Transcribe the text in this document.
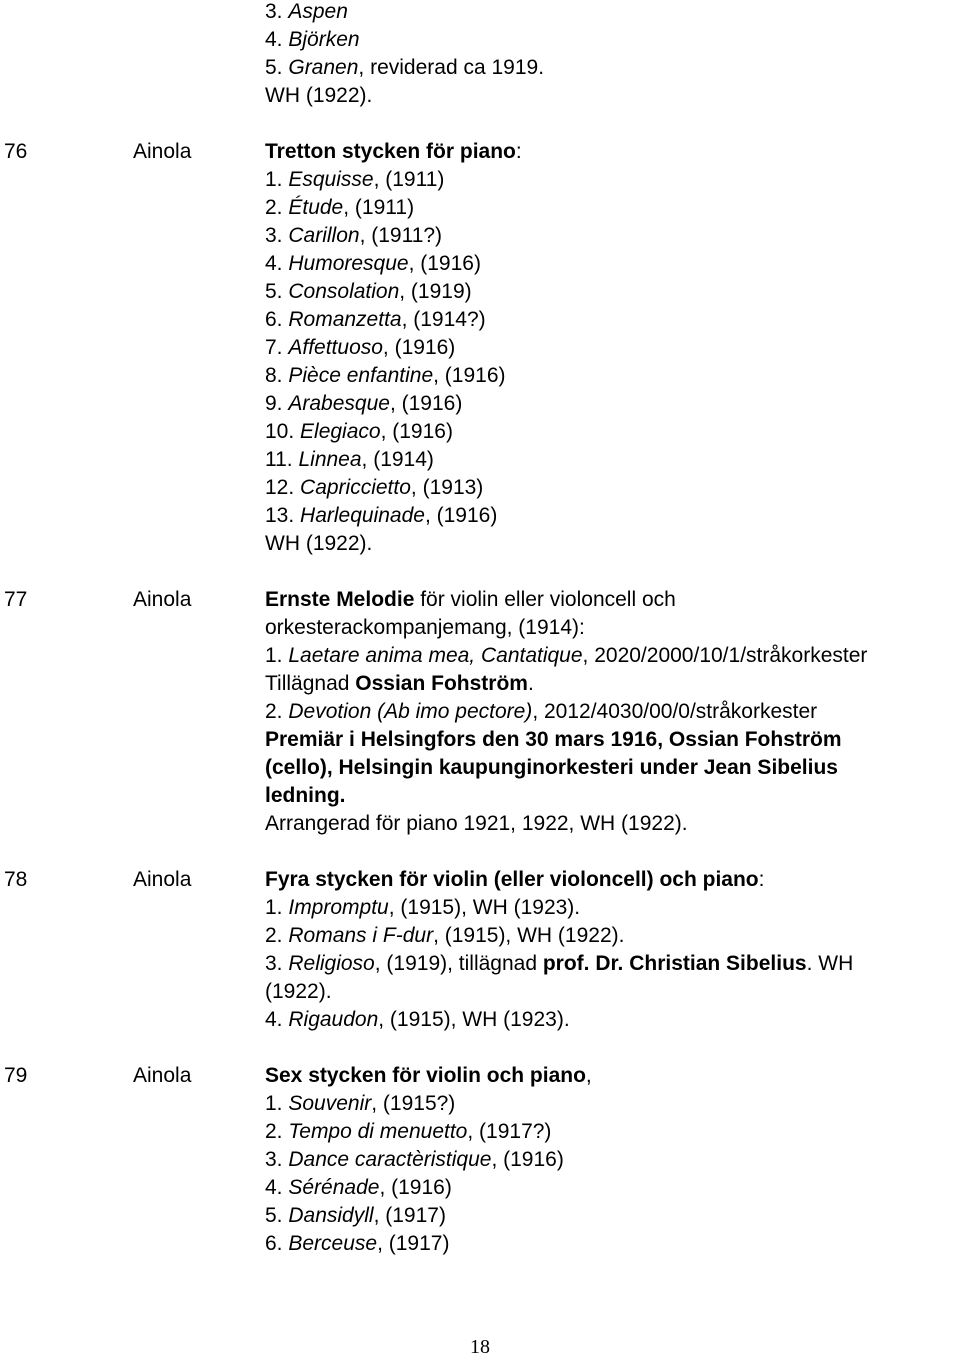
3. Aspen
4. Björken
5. Granen, reviderad ca 1919.
WH (1922).
76	Ainola	Tretton stycken för piano:
1. Esquisse, (1911)
2. Étude, (1911)
3. Carillon, (1911?)
4. Humoresque, (1916)
5. Consolation, (1919)
6. Romanzetta, (1914?)
7. Affettuoso, (1916)
8. Pièce enfantine, (1916)
9. Arabesque, (1916)
10. Elegiaco, (1916)
11. Linnea, (1914)
12. Capriccietto, (1913)
13. Harlequinade, (1916)
WH (1922).
77	Ainola	Ernste Melodie för violin eller violoncell och
orkesterackompanjemang, (1914):
1. Laetare anima mea, Cantatique, 2020/2000/10/1/stråkorkester
Tillägnad Ossian Fohström.
2. Devotion (Ab imo pectore), 2012/4030/00/0/stråkorkester
Premiär i Helsingfors den 30 mars 1916, Ossian Fohström
(cello), Helsingin kaupunginorkesteri under Jean Sibelius
ledning.
Arrangerad för piano 1921, 1922, WH (1922).
78	Ainola	Fyra stycken för violin (eller violoncell) och piano:
1. Impromptu, (1915), WH (1923).
2. Romans i F-dur, (1915), WH (1922).
3. Religioso, (1919), tillägnad prof. Dr. Christian Sibelius. WH
(1922).
4. Rigaudon, (1915), WH (1923).
79	Ainola	Sex stycken för violin och piano,
1. Souvenir, (1915?)
2. Tempo di menuetto, (1917?)
3. Dance caractèristique, (1916)
4. Sérénade, (1916)
5. Dansidyll, (1917)
6. Berceuse, (1917)
18
